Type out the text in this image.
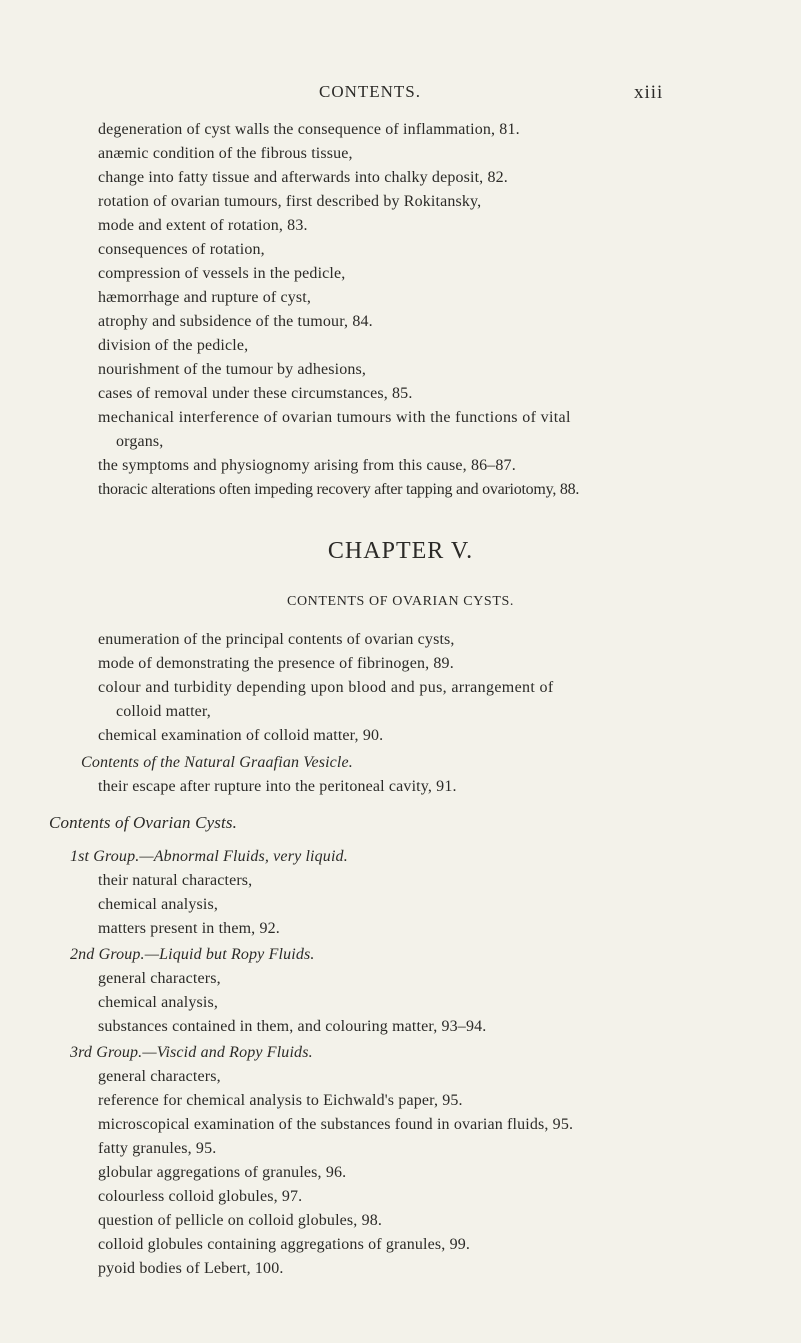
CONTENTS.	xiii
degeneration of cyst walls the consequence of inflammation, 81.
anæmic condition of the fibrous tissue,
change into fatty tissue and afterwards into chalky deposit, 82.
rotation of ovarian tumours, first described by Rokitansky,
mode and extent of rotation, 83.
consequences of rotation,
compression of vessels in the pedicle,
hæmorrhage and rupture of cyst,
atrophy and subsidence of the tumour, 84.
division of the pedicle,
nourishment of the tumour by adhesions,
cases of removal under these circumstances, 85.
mechanical interference of ovarian tumours with the functions of vital
organs,
the symptoms and physiognomy arising from this cause, 86–87.
thoracic alterations often impeding recovery after tapping and ovariotomy, 88.
CHAPTER V.
CONTENTS OF OVARIAN CYSTS.
enumeration of the principal contents of ovarian cysts,
mode of demonstrating the presence of fibrinogen, 89.
colour and turbidity depending upon blood and pus, arrangement of
colloid matter,
chemical examination of colloid matter, 90.
Contents of the Natural Graafian Vesicle.
their escape after rupture into the peritoneal cavity, 91.
Contents of Ovarian Cysts.
1st Group.—Abnormal Fluids, very liquid.
their natural characters,
chemical analysis,
matters present in them, 92.
2nd Group.—Liquid but Ropy Fluids.
general characters,
chemical analysis,
substances contained in them, and colouring matter, 93–94.
3rd Group.—Viscid and Ropy Fluids.
general characters,
reference for chemical analysis to Eichwald's paper, 95.
microscopical examination of the substances found in ovarian fluids, 95.
fatty granules, 95.
globular aggregations of granules, 96.
colourless colloid globules, 97.
question of pellicle on colloid globules, 98.
colloid globules containing aggregations of granules, 99.
pyoid bodies of Lebert, 100.
